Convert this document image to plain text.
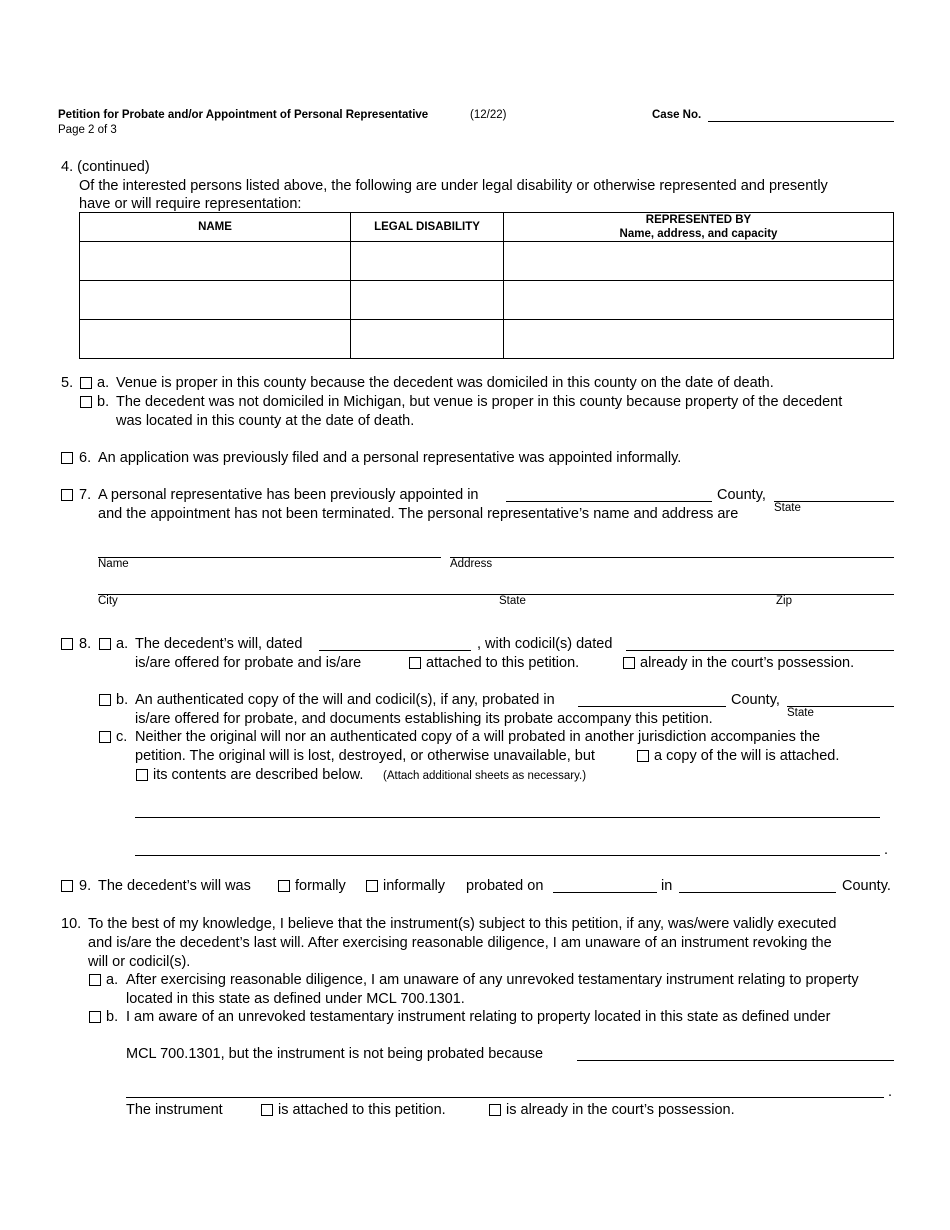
Petition for Probate and/or Appointment of Personal Representative	(12/22)
Page 2 of 3
Case No.
4. (continued)
Of the interested persons listed above, the following are under legal disability or otherwise represented and presently
have or will require representation:
NAME	LEGAL DISABILITY	REPRESENTED BY
Name, address, and capacity

5. a. Venue is proper in this county because the decedent was domiciled in this county on the date of death.
b. The decedent was not domiciled in Michigan, but venue is proper in this county because property of the decedent
was located in this county at the date of death.
6. An application was previously filed and a personal representative was appointed informally.
7. A personal representative has been previously appointed in	County,
State
and the appointment has not been terminated. The personal representative’s name and address are
Name	Address
City	State	Zip
8. a. The decedent’s will, dated	, with codicil(s) dated
is/are offered for probate and is/are	attached to this petition.	already in the court’s possession.
b. An authenticated copy of the will and codicil(s), if any, probated in	County,
State
is/are offered for probate, and documents establishing its probate accompany this petition.
c. Neither the original will nor an authenticated copy of a will probated in another jurisdiction accompanies the
petition. The original will is lost, destroyed, or otherwise unavailable, but	a copy of the will is attached.
its contents are described below. (Attach additional sheets as necessary.)
.
9. The decedent’s will was	formally	informally probated on	in	County.
10. To the best of my knowledge, I believe that the instrument(s) subject to this petition, if any, was/were validly executed
and is/are the decedent’s last will. After exercising reasonable diligence, I am unaware of an instrument revoking the
will or codicil(s).
a. After exercising reasonable diligence, I am unaware of any unrevoked testamentary instrument relating to property
located in this state as defined under MCL 700.1301.
b. I am aware of an unrevoked testamentary instrument relating to property located in this state as defined under
MCL 700.1301, but the instrument is not being probated because
.
The instrument	is attached to this petition.	is already in the court’s possession.
